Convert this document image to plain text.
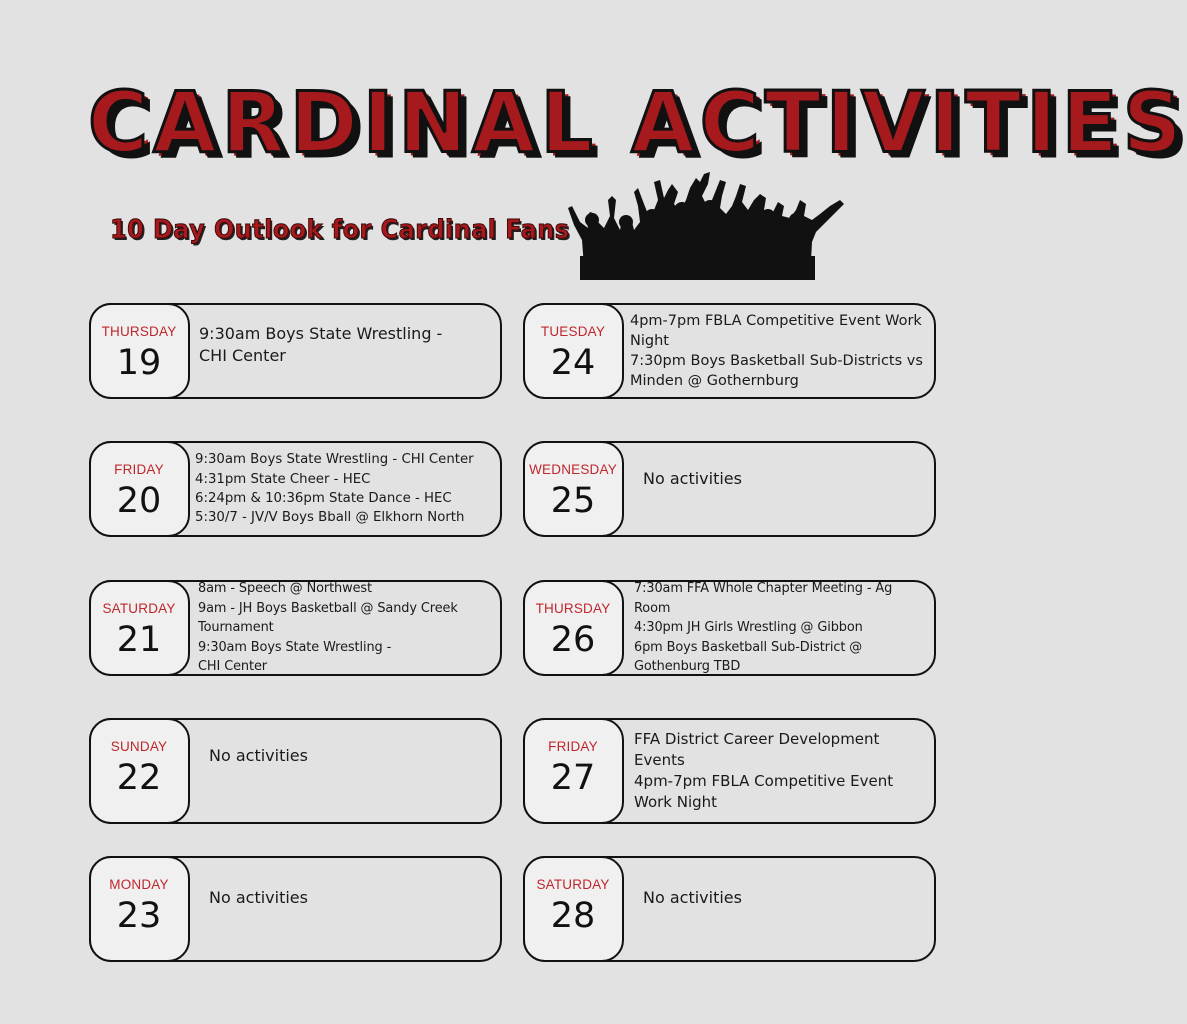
CARDINAL ACTIVITIES
10 Day Outlook for Cardinal Fans
THURSDAY
19
9:30am Boys State Wrestling -
CHI Center
FRIDAY
20
9:30am Boys State Wrestling - CHI Center
4:31pm State Cheer - HEC
6:24pm & 10:36pm State Dance - HEC
5:30/7 - JV/V Boys Bball @ Elkhorn North
SATURDAY
21
8am - Speech @ Northwest
9am - JH Boys Basketball @ Sandy Creek
Tournament
9:30am Boys State Wrestling -
CHI Center
SUNDAY
22
No activities
MONDAY
23	No activities
TUESDAY
24
4pm-7pm FBLA Competitive Event Work
Night
7:30pm Boys Basketball Sub-Districts vs
Minden @ Gothernburg
WEDNESDAY
25
No activities
THURSDAY
26
7:30am FFA Whole Chapter Meeting - Ag
Room
4:30pm JH Girls Wrestling @ Gibbon
6pm Boys Basketball Sub-District @
Gothenburg TBD
FRIDAY
27
FFA District Career Development
Events
4pm-7pm FBLA Competitive Event
Work Night
SATURDAY
28	No activities
